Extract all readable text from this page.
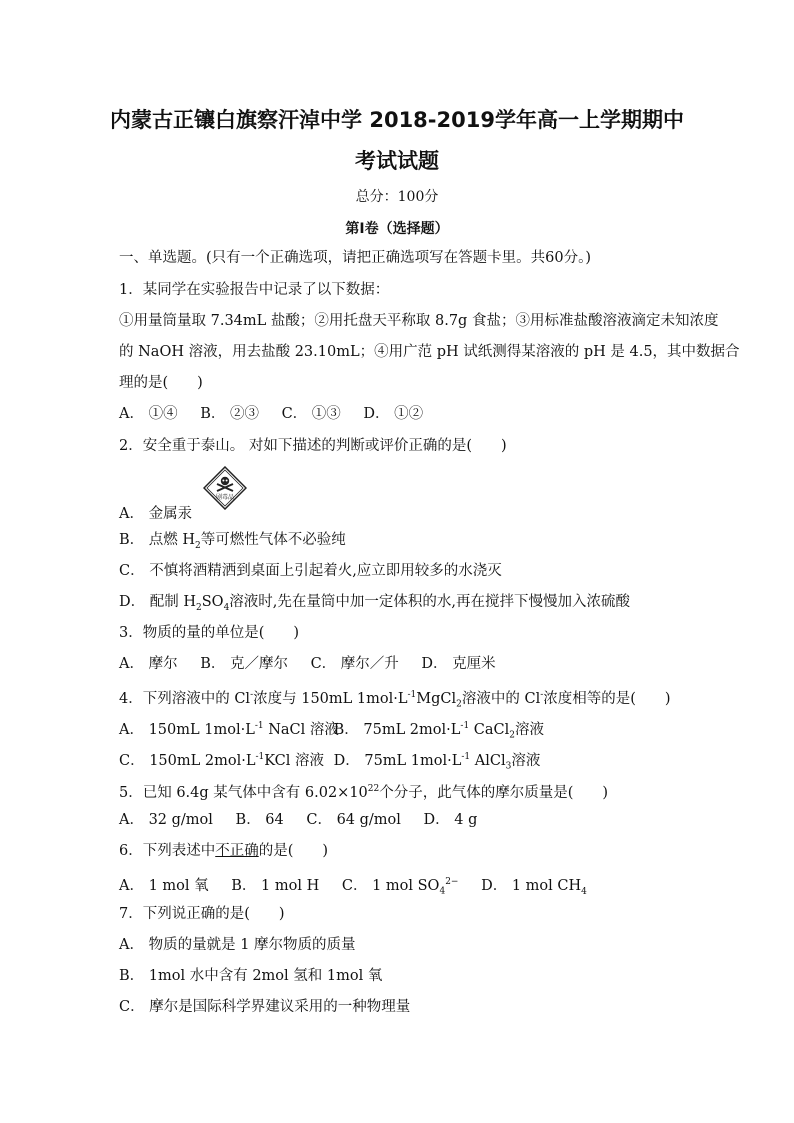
内蒙古正镶白旗察汗淖中学 2018-2019学年高一上学期期中
考试试题
总分：100分
第I卷（选择题）
一、单选题。(只有一个正确选项，请把正确选项写在答题卡里。共60分。)
1．某同学在实验报告中记录了以下数据：
①用量筒量取 7.34mL 盐酸；②用托盘天平称取 8.7g 食盐；③用标准盐酸溶液滴定未知浓度
的 NaOH 溶液，用去盐酸 23.10mL；④用广范 pH 试纸测得某溶液的 pH 是 4.5，其中数据合
理的是(　　)
A． ①④ B． ②③ C． ①③ D． ①②
2．安全重于泰山。 对如下描述的判断或评价正确的是(　　)
剧毒品
A． 金属汞
B． 点燃 $H_2$等可燃性气体不必验纯
C． 不慎将酒精洒到桌面上引起着火,应立即用较多的水浇灭
D． 配制 $H_2SO_4$溶液时,先在量筒中加一定体积的水,再在搅拌下慢慢加入浓硫酸
3．物质的量的单位是(　　)
A． 摩尔 B． 克／摩尔 C． 摩尔／升 D． 克厘米
4．下列溶液中的 Cl-浓度与 150mL $1mol\cdot L^{-1}MgCl_2$溶液中的 Cl-浓度相等的是(　　)
A． 150mL $1mol\cdot L^{-1}$ NaCl 溶液 B． 75mL $2mol\cdot L^{-1}$ CaCl$_2$溶液
C． 150mL $2mol\cdot L^{-1}KCl$ 溶液 D． 75mL $1mol\cdot L^{-1}$ AlCl$_3$溶液
5．已知 6.4g 某气体中含有 $6.02\times 10^{22}$个分子，此气体的摩尔质量是(　　)
A． 32 g/mol B． 64 C． 64 g/mol D． 4 g
6．下列表述中不正确的是(　　)
A． 1 mol 氧 B． 1 mol H C． 1 mol $SO_4^{2-}$ D． 1 mol $CH_4$
7．下列说正确的是(　　)
A． 物质的量就是 1 摩尔物质的质量
B． 1mol 水中含有 2mol 氢和 1mol 氧
C． 摩尔是国际科学界建议采用的一种物理量
